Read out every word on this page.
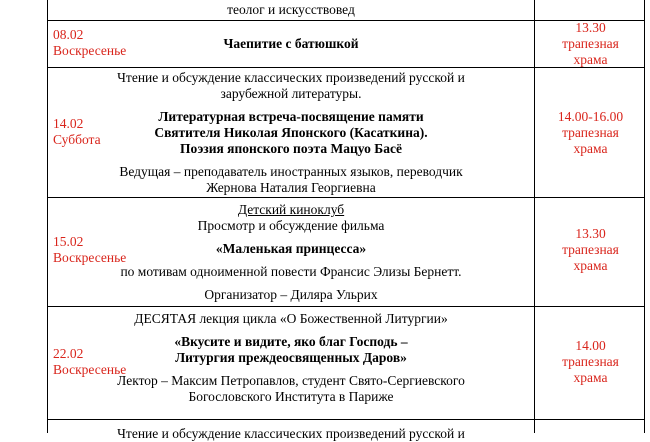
теолог и искусствовед
08.02
Воскресенье	Чаепитие с батюшкой
13.30
трапезная
храма
14.02
Суббота
Чтение и обсуждение классических произведений русской и
зарубежной литературы.
Литературная встреча-посвящение памяти
Святителя Николая Японского (Касаткина).
Поэзия японского поэта Мацуо Басё
Ведущая – преподаватель иностранных языков, переводчик
Жернова Наталия Георгиевна
14.00-16.00
трапезная
храма
15.02
Воскресенье
Детский киноклуб
Просмотр и обсуждение фильма
«Маленькая принцесса»
по мотивам одноименной повести Франсис Элизы Бернетт.
Организатор – Диляра Ульрих
13.30
трапезная
храма
22.02
Воскресенье
ДЕСЯТАЯ лекция цикла «О Божественной Литургии»
«Вкусите и видите, яко благ Господь –
Литургия преждеосвященных Даров»
Лектор – Максим Петропавлов, студент Свято-Сергиевского
Богословского Института в Париже
14.00
трапезная
храма
Чтение и обсуждение классических произведений русской и
